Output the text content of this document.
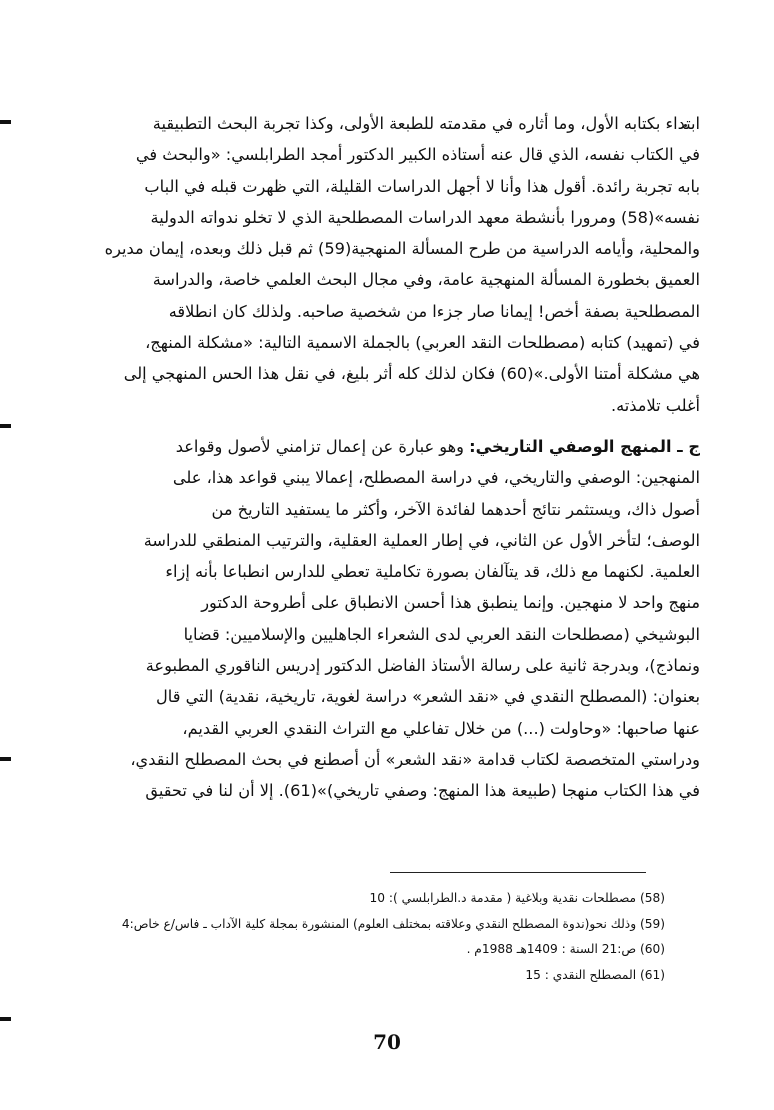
ابتداء بكتابه الأول، وما أثاره في مقدمته للطبعة الأولى، وكذا تجربة البحث التطبيقية
في الكتاب نفسه، الذي قال عنه أستاذه الكبير الدكتور أمجد الطرابلسي: «والبحث في
بابه تجربة رائدة. أقول هذا وأنا لا أجهل الدراسات القليلة، التي ظهرت قبله في الباب
نفسه»(58) ومرورا بأنشطة معهد الدراسات المصطلحية الذي لا تخلو ندواته الدولية
والمحلية، وأيامه الدراسية من طرح المسألة المنهجية(59) ثم قبل ذلك وبعده، إيمان مديره
العميق بخطورة المسألة المنهجية عامة، وفي مجال البحث العلمي خاصة، والدراسة
المصطلحية بصفة أخص! إيمانا صار جزءا من شخصية صاحبه. ولذلك كان انطلاقه
في (تمهيد) كتابه (مصطلحات النقد العربي) بالجملة الاسمية التالية: «مشكلة المنهج،
هي مشكلة أمتنا الأولى.»(60) فكان لذلك كله أثر بليغ، في نقل هذا الحس المنهجي إلى
أغلب تلامذته.
ج ـ المنهج الوصفي التاريخي: وهو عبارة عن إعمال تزامني لأصول وقواعد
المنهجين: الوصفي والتاريخي، في دراسة المصطلح، إعمالا يبني قواعد هذا، على
أصول ذاك، ويستثمر نتائج أحدهما لفائدة الآخر، وأكثر ما يستفيد التاريخ من
الوصف؛ لتأخر الأول عن الثاني، في إطار العملية العقلية، والترتيب المنطقي للدراسة
العلمية. لكنهما مع ذلك، قد يتآلفان بصورة تكاملية تعطي للدارس انطباعا بأنه إزاء
منهج واحد لا منهجين. وإنما ينطبق هذا أحسن الانطباق على أطروحة الدكتور
البوشيخي (مصطلحات النقد العربي لدى الشعراء الجاهليين والإسلاميين: قضايا
ونماذج)، وبدرجة ثانية على رسالة الأستاذ الفاضل الدكتور إدريس الناقوري المطبوعة
بعنوان: (المصطلح النقدي في «نقد الشعر» دراسة لغوية، تاريخية، نقدية) التي قال
عنها صاحبها: «وحاولت (...) من خلال تفاعلي مع التراث النقدي العربي القديم،
ودراستي المتخصصة لكتاب قدامة «نقد الشعر» أن أصطنع في بحث المصطلح النقدي،
في هذا الكتاب منهجا (طبيعة هذا المنهج: وصفي تاريخي)»(61). إلا أن لنا في تحقيق
(58) مصطلحات نقدية وبلاغية ( مقدمة د.الطرابلسي ): 10
(59) وذلك نحو(ندوة المصطلح النقدي وعلاقته بمختلف العلوم) المنشورة بمجلة كلية الآداب ـ فاس/ع خاص:4
(60) ص:21 السنة : 1409هـ 1988م .
(61) المصطلح النقدي : 15
70
